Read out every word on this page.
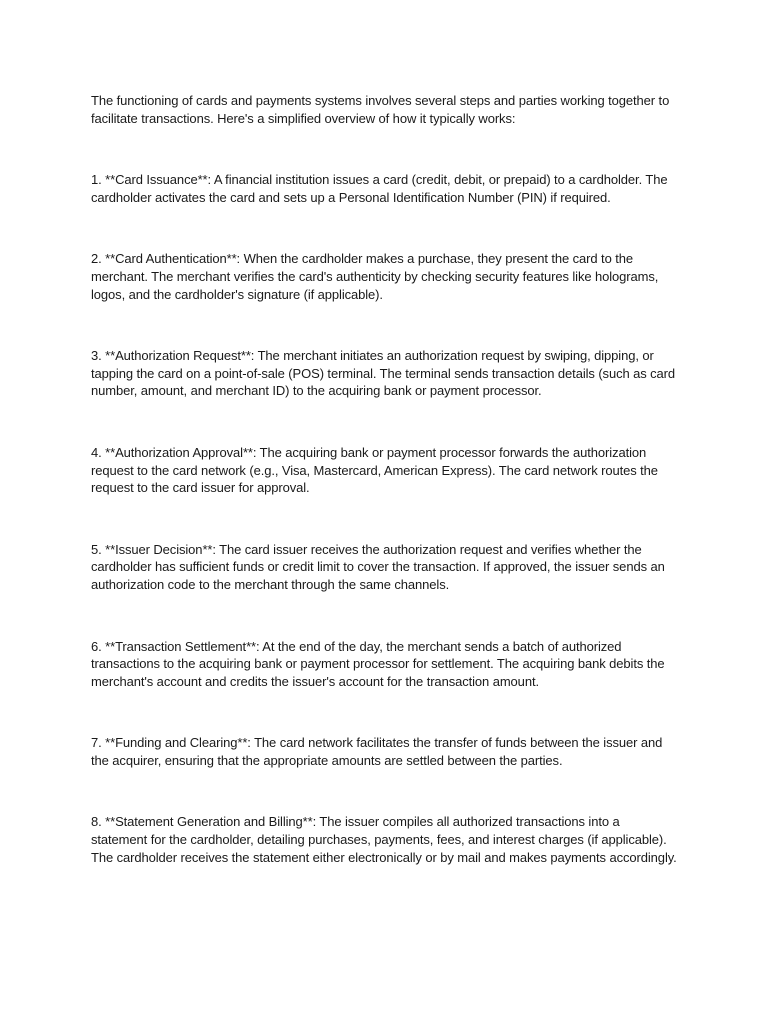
The functioning of cards and payments systems involves several steps and parties working together to facilitate transactions. Here's a simplified overview of how it typically works:

1. **Card Issuance**: A financial institution issues a card (credit, debit, or prepaid) to a cardholder. The cardholder activates the card and sets up a Personal Identification Number (PIN) if required.

2. **Card Authentication**: When the cardholder makes a purchase, they present the card to the merchant. The merchant verifies the card's authenticity by checking security features like holograms, logos, and the cardholder's signature (if applicable).

3. **Authorization Request**: The merchant initiates an authorization request by swiping, dipping, or tapping the card on a point-of-sale (POS) terminal. The terminal sends transaction details (such as card number, amount, and merchant ID) to the acquiring bank or payment processor.

4. **Authorization Approval**: The acquiring bank or payment processor forwards the authorization request to the card network (e.g., Visa, Mastercard, American Express). The card network routes the request to the card issuer for approval.

5. **Issuer Decision**: The card issuer receives the authorization request and verifies whether the cardholder has sufficient funds or credit limit to cover the transaction. If approved, the issuer sends an authorization code to the merchant through the same channels.

6. **Transaction Settlement**: At the end of the day, the merchant sends a batch of authorized transactions to the acquiring bank or payment processor for settlement. The acquiring bank debits the merchant's account and credits the issuer's account for the transaction amount.

7. **Funding and Clearing**: The card network facilitates the transfer of funds between the issuer and the acquirer, ensuring that the appropriate amounts are settled between the parties.

8. **Statement Generation and Billing**: The issuer compiles all authorized transactions into a statement for the cardholder, detailing purchases, payments, fees, and interest charges (if applicable). The cardholder receives the statement either electronically or by mail and makes payments accordingly.
